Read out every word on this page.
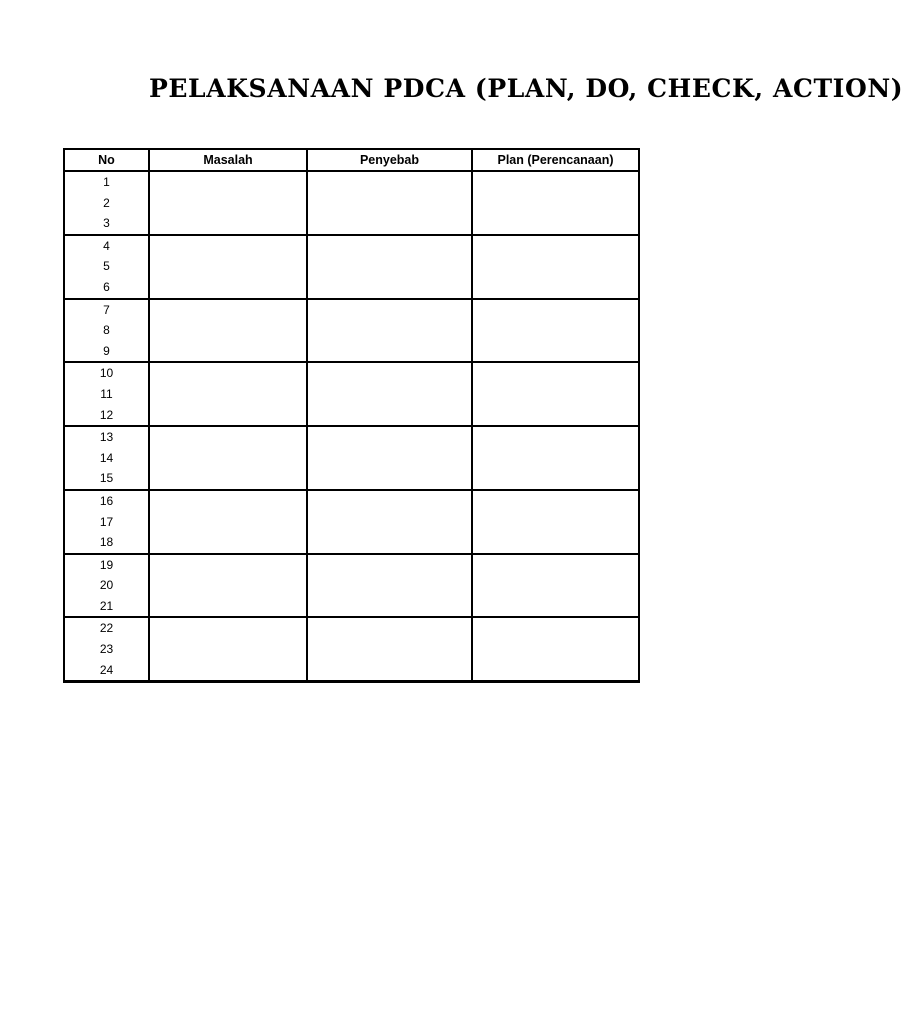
PELAKSANAAN PDCA (PLAN, DO, CHECK, ACTION)
No	Masalah	Penyebab	Plan (Perencanaan)

1
2
3			

4
5
6			

7
8
9			

10
11
12			

13
14
15			

16
17
18			

19
20
21			

22
23
24			
